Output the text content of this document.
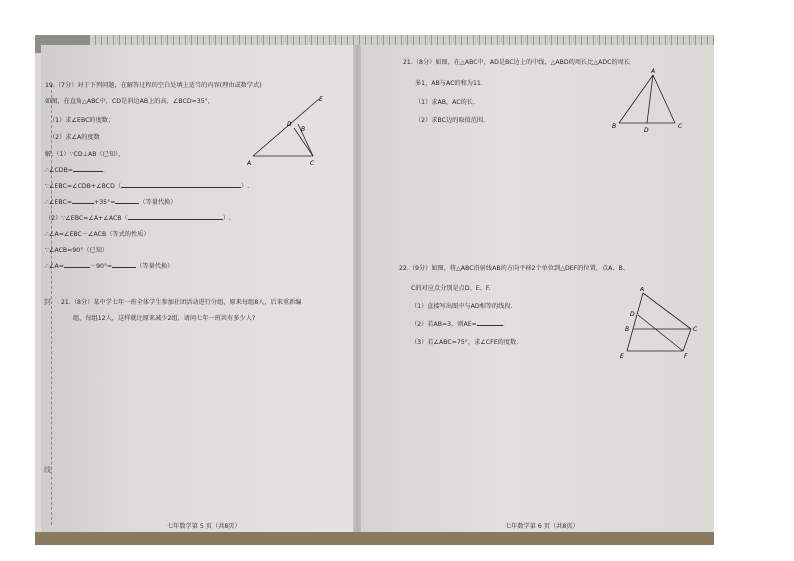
封
线
19.（7分）对于下列问题，在解答过程的空白处填上适当的内容(理由或数学式)
如图，在直角△ABC中，CD是斜边AB上的高，∠BCD=35°，
（1）求∠EBC的度数；
（2）求∠A的度数
解:（1）∵CD⊥AB（已知），
∴∠CDB=	.
∵∠EBC=∠CDB+∠BCD（	）.
∴∠EBC=	+35°=	（等量代换）
（2）∵∠EBC=∠A+∠ACB（	）.
∴∠A=∠EBC－∠ACB（等式的性质）
∵∠ACB=90°（已知）
∴∠A=	－90°=	（等量代换）
A
B
C
D
E
21.（8分）某中学七年一班全体学生参加社团活动进行分组，原来每组8人，后来重新编
组，每组12人，这样就比原来减少2组，请问七年一班共有多少人?
七年数学第 5 页（共8页）
21.（8分）如图，在△ABC中，AD是BC边上的中线，△ABD的周长比△ADC的周长
多1，AB与AC的和为11.
（1）求AB，AC的长.
（2）求BC边的取值范围.
A
B	C
D
22.（9分）如图，将△ABC沿射线AB的方向平移2个单位到△DEF的位置，点A、B、
C的对应点分别是点D、E、F.
（1）直接写出图中与AD相等的线段.
（2）若AB=3，则AE=	.
（3）若∠ABC=75°，求∠CFE的度数.
A
B	C
D
E	F
七年数学第 6 页（共8页）
